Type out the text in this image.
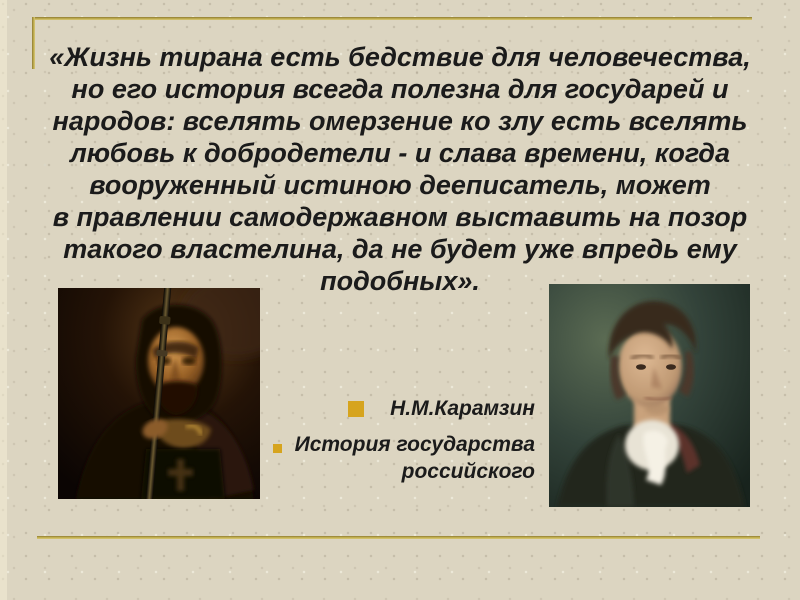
«Жизнь тирана есть бедствие для человечества,
но его история всегда полезна для государей и
народов: вселять омерзение ко злу есть вселять
любовь к добродетели - и слава времени, когда
вооруженный истиною дееписатель, может
в правлении самодержавном выставить на позор
такого властелина, да не будет уже впредь ему
подобных».
Н.М.Карамзин
История государства
российского
